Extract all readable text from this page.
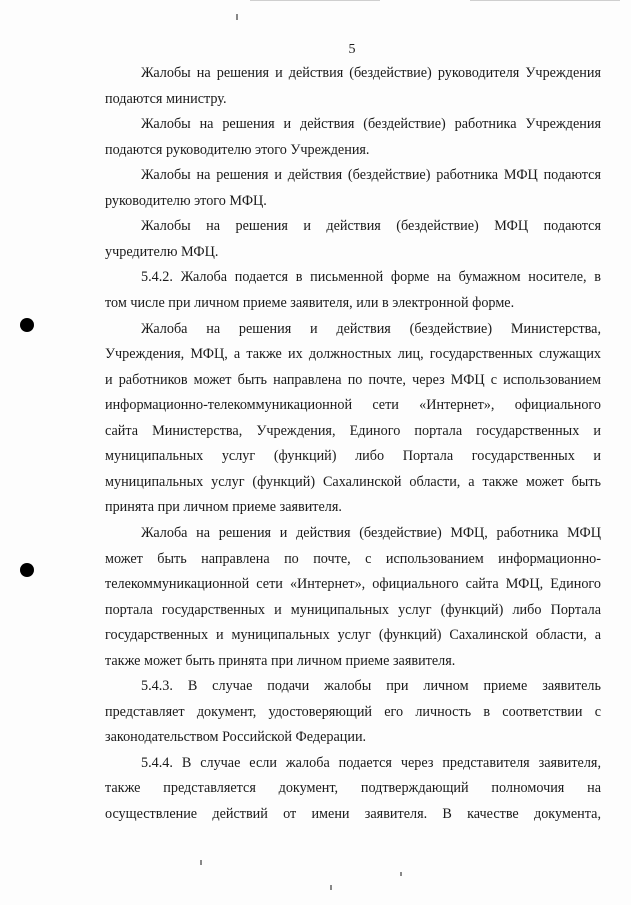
5
Жалобы на решения и действия (бездействие) руководителя Учреждения
подаются министру.
Жалобы на решения и действия (бездействие) работника Учреждения
подаются руководителю этого Учреждения.
Жалобы на решения и действия (бездействие) работника МФЦ подаются
руководителю этого МФЦ.
Жалобы на решения и действия (бездействие) МФЦ подаются
учредителю МФЦ.
5.4.2. Жалоба подается в письменной форме на бумажном носителе, в
том числе при личном приеме заявителя, или в электронной форме.
Жалоба на решения и действия (бездействие) Министерства,
Учреждения, МФЦ, а также их должностных лиц, государственных служащих
и работников может быть направлена по почте, через МФЦ с использованием
информационно-телекоммуникационной сети «Интернет», официального
сайта Министерства, Учреждения, Единого портала государственных и
муниципальных услуг (функций) либо Портала государственных и
муниципальных услуг (функций) Сахалинской области, а также может быть
принята при личном приеме заявителя.
Жалоба на решения и действия (бездействие) МФЦ, работника МФЦ
может быть направлена по почте, с использованием информационно-
телекоммуникационной сети «Интернет», официального сайта МФЦ, Единого
портала государственных и муниципальных услуг (функций) либо Портала
государственных и муниципальных услуг (функций) Сахалинской области, а
также может быть принята при личном приеме заявителя.
5.4.3. В случае подачи жалобы при личном приеме заявитель
представляет документ, удостоверяющий его личность в соответствии с
законодательством Российской Федерации.
5.4.4. В случае если жалоба подается через представителя заявителя,
также представляется документ, подтверждающий полномочия на
осуществление действий от имени заявителя. В качестве документа,
